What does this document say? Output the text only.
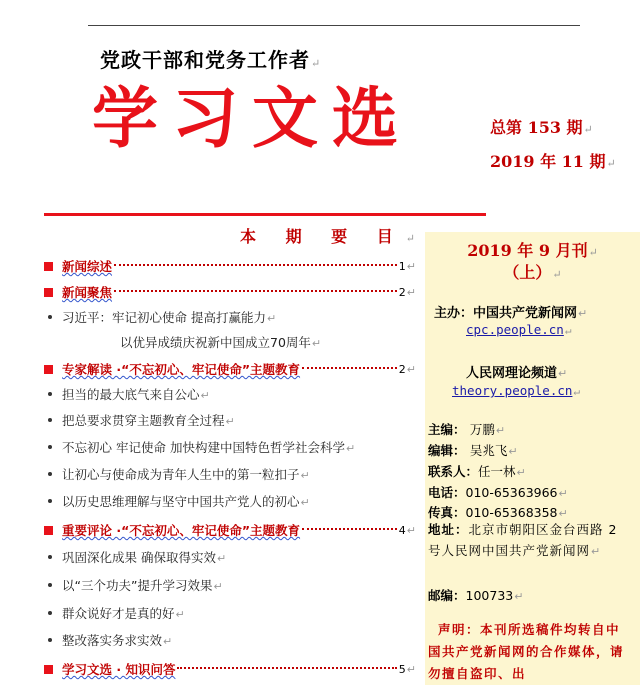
党政干部和党务工作者↵
学习文选	总第 153 期↵
2019 年 11 期↵
本 期 要 目↵
新闻综述	1 ↵
新闻聚焦	2 ↵
习近平：牢记初心使命 提高打赢能力↵
以优异成绩庆祝新中国成立70周年↵
专家解读 ·“不忘初心、牢记使命”主题教育	2 ↵
担当的最大底气来自公心↵
把总要求贯穿主题教育全过程↵
不忘初心 牢记使命 加快构建中国特色哲学社会科学↵
让初心与使命成为青年人生中的第一粒扣子↵
以历史思维理解与坚守中国共产党人的初心↵
重要评论 ·“不忘初心、牢记使命”主题教育	4 ↵
巩固深化成果 确保取得实效↵
以“三个功夫”提升学习效果↵
群众说好才是真的好↵
整改落实务求实效↵
学习文选 · 知识问答	5 ↵
2019 年 9 月刊↵
（上）↵
主办：中国共产党新闻网↵
cpc.people.cn↵
人民网理论频道↵
theory.people.cn↵
主编： 万鹏↵
编辑： 吴兆飞↵
联系人：任一林↵
电话：010-65363966↵
传真：010-65368358↵
地址：北京市朝阳区金台西路 2 号人民网中国共产党新闻网↵
邮编：100733↵
声明：本刊所选稿件均转自中国共产党新闻网的合作媒体，请勿擅自盗印、出
